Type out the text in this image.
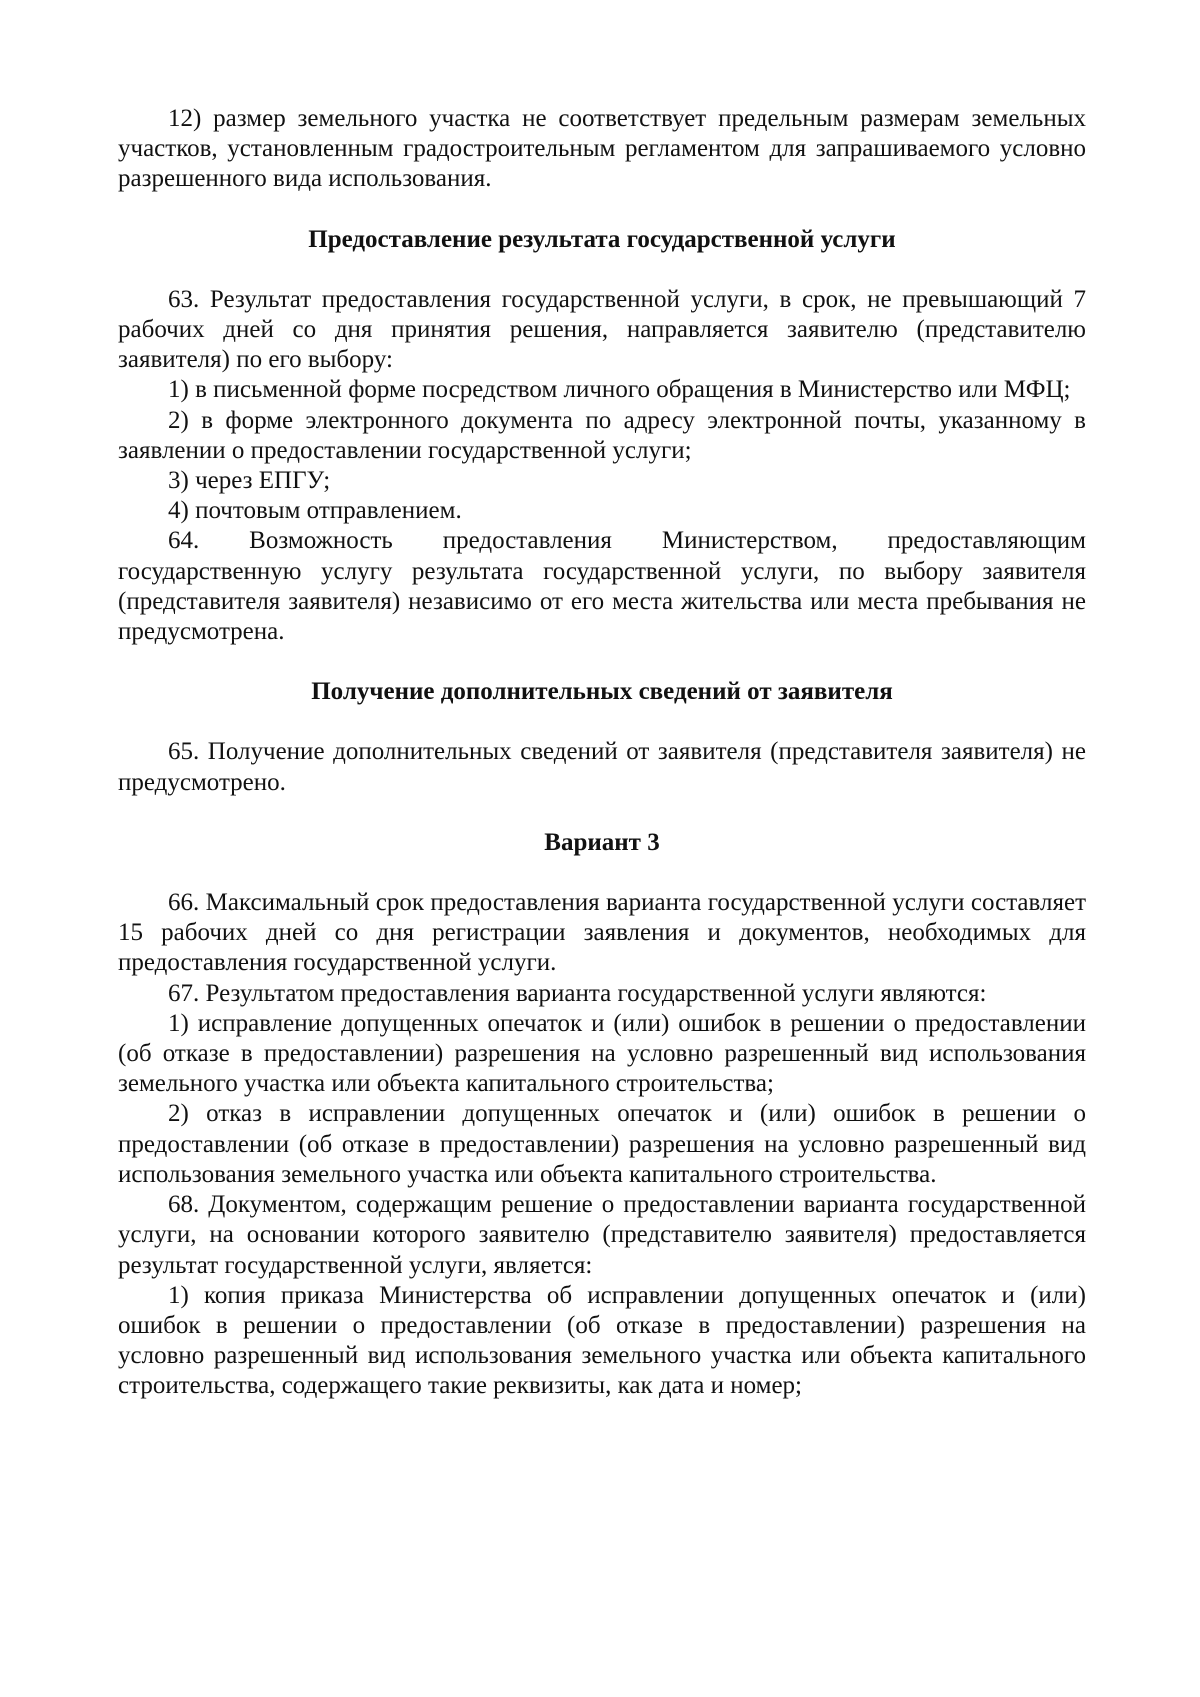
12) размер земельного участка не соответствует предельным размерам земельных участков, установленным градостроительным регламентом для запрашиваемого условно разрешенного вида использования.

Предоставление результата государственной услуги

63. Результат предоставления государственной услуги, в срок, не превышающий 7 рабочих дней со дня принятия решения, направляется заявителю (представителю заявителя) по его выбору:

1) в письменной форме посредством личного обращения в Министерство или МФЦ;

2) в форме электронного документа по адресу электронной почты, указанному в заявлении о предоставлении государственной услуги;

3) через ЕПГУ;

4) почтовым отправлением.

64. Возможность предоставления Министерством, предоставляющим государственную услугу результата государственной услуги, по выбору заявителя (представителя заявителя) независимо от его места жительства или места пребывания не предусмотрена.

Получение дополнительных сведений от заявителя

65. Получение дополнительных сведений от заявителя (представителя заявителя) не предусмотрено.

Вариант 3

66. Максимальный срок предоставления варианта государственной услуги составляет 15 рабочих дней со дня регистрации заявления и документов, необходимых для предоставления государственной услуги.

67. Результатом предоставления варианта государственной услуги являются:

1) исправление допущенных опечаток и (или) ошибок в решении о предоставлении (об отказе в предоставлении) разрешения на условно разрешенный вид использования земельного участка или объекта капитального строительства;

2) отказ в исправлении допущенных опечаток и (или) ошибок в решении о предоставлении (об отказе в предоставлении) разрешения на условно разрешенный вид использования земельного участка или объекта капитального строительства.

68. Документом, содержащим решение о предоставлении варианта государственной услуги, на основании которого заявителю (представителю заявителя) предоставляется результат государственной услуги, является:

1) копия приказа Министерства об исправлении допущенных опечаток и (или) ошибок в решении о предоставлении (об отказе в предоставлении) разрешения на условно разрешенный вид использования земельного участка или объекта капитального строительства, содержащего такие реквизиты, как дата и номер;
